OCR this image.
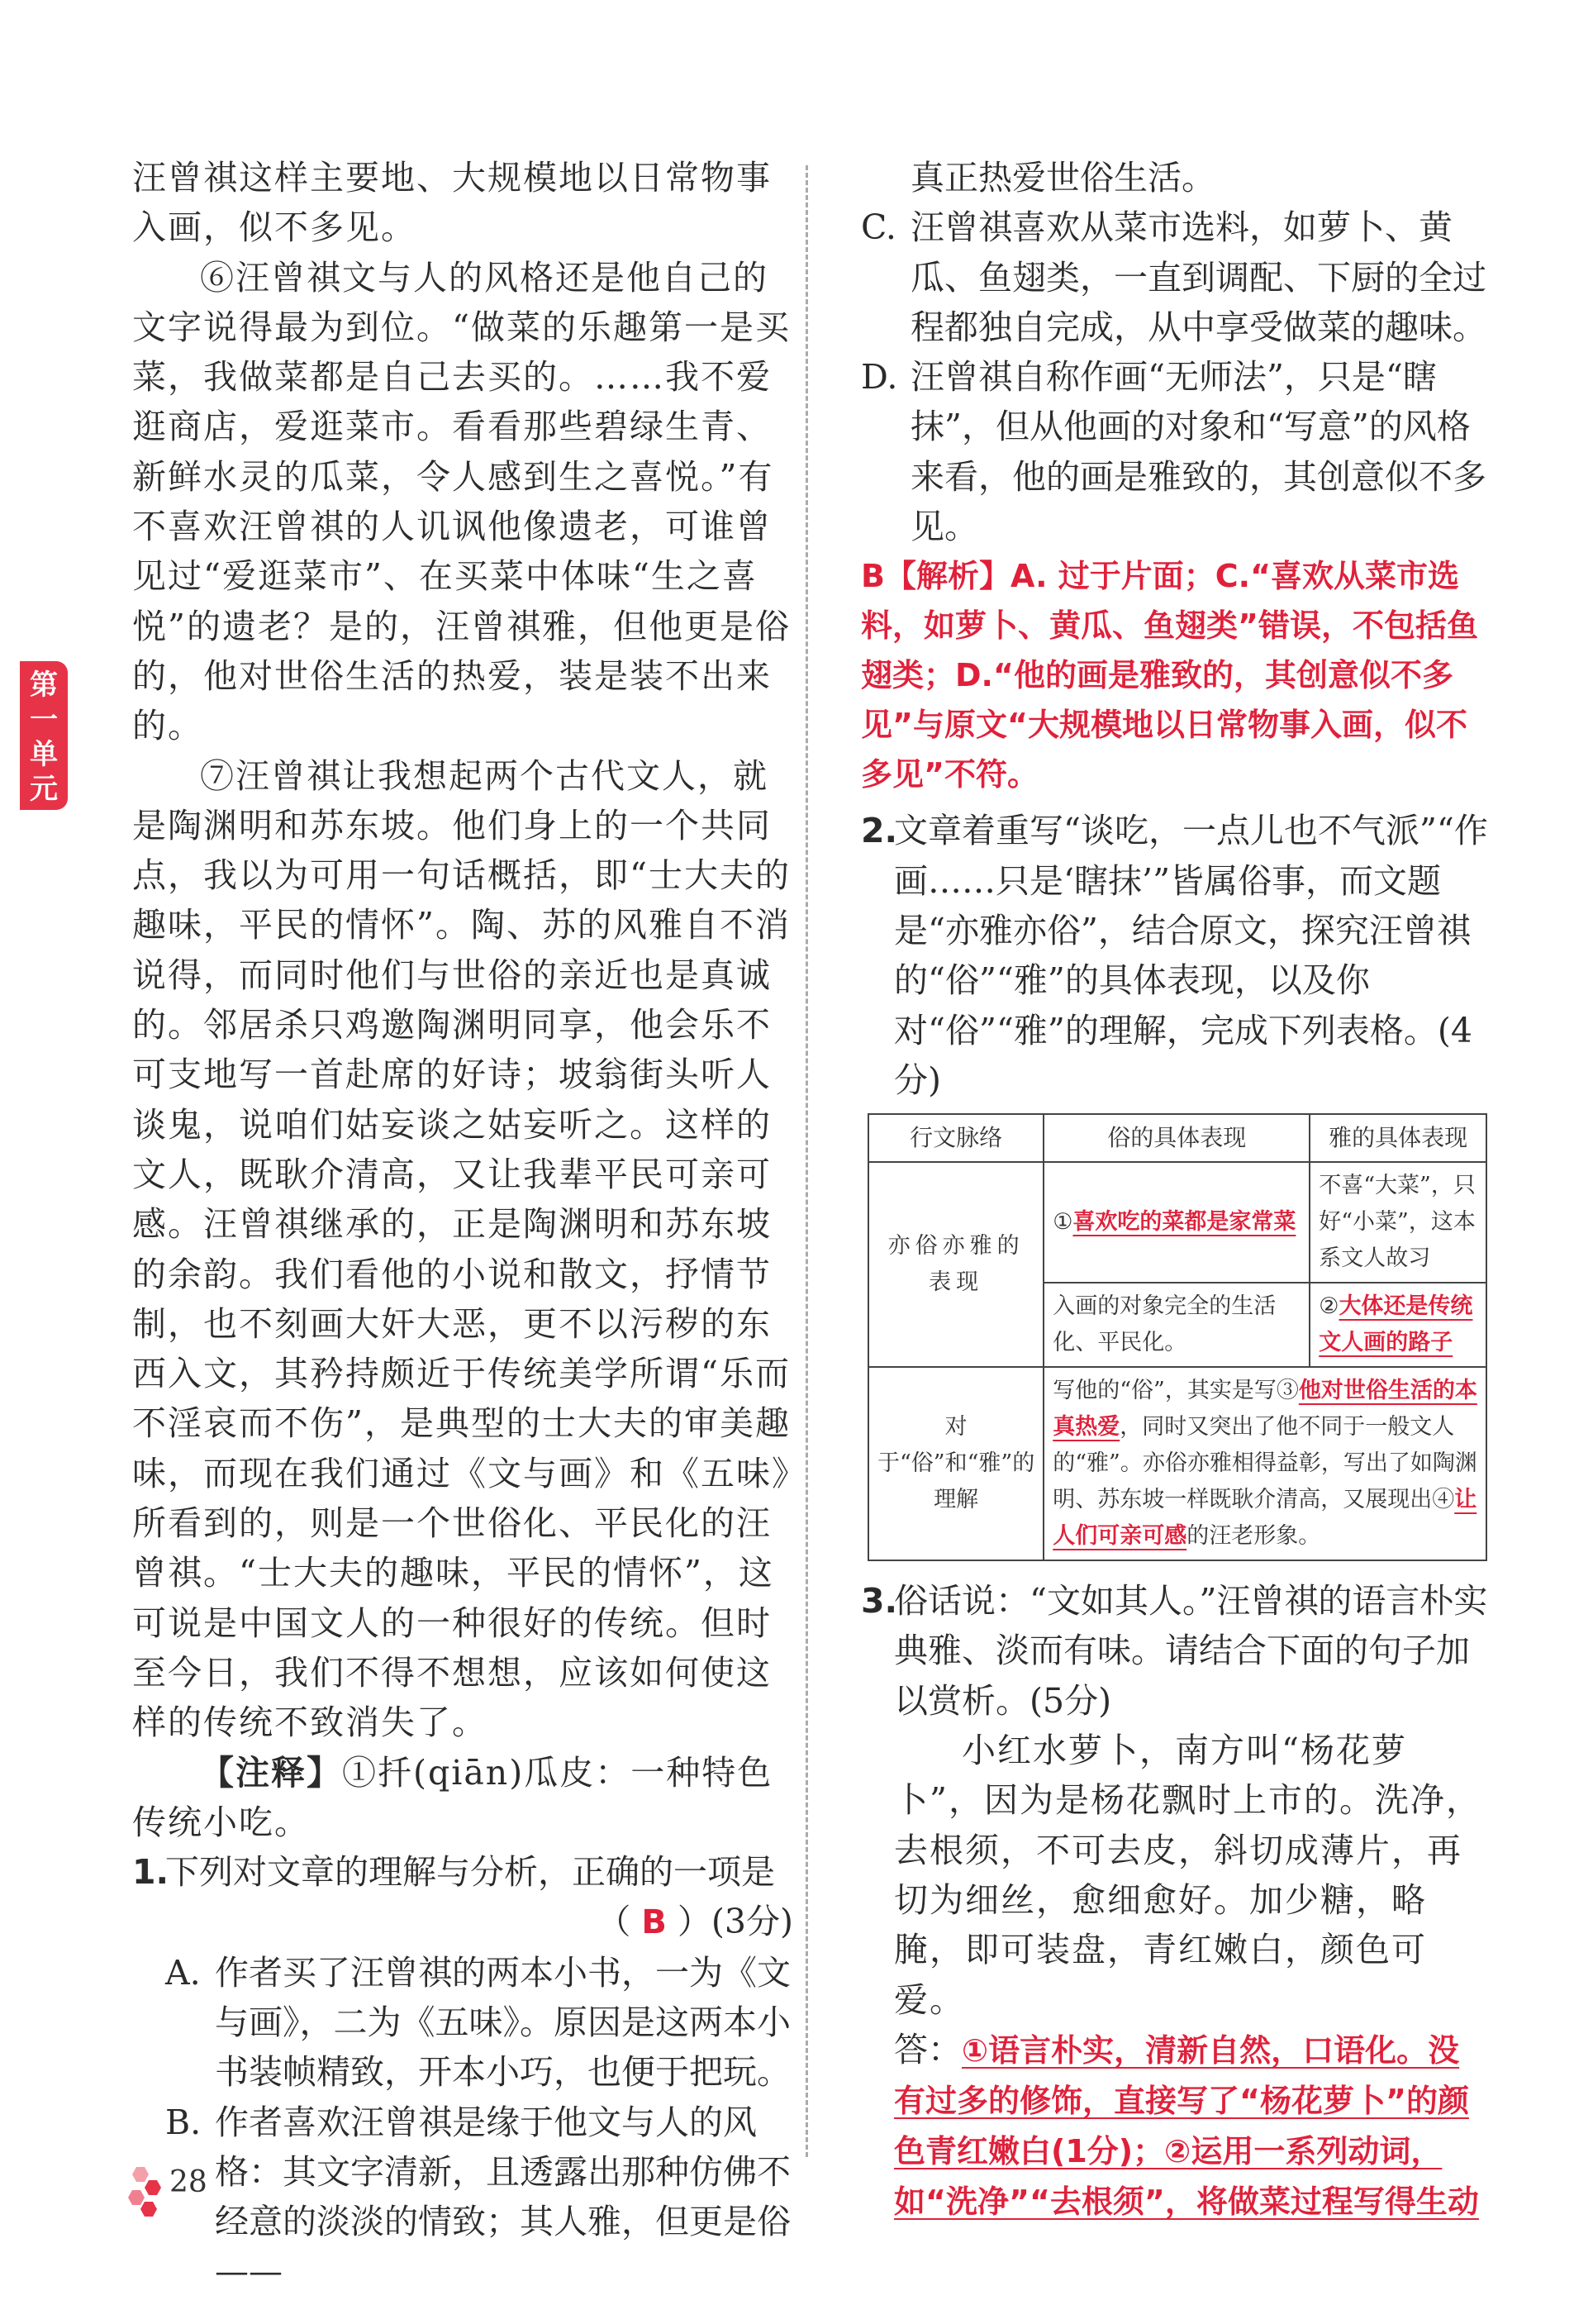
第一单元

汪曾祺这样主要地、大规模地以日常物事入画，似不多见。

⑥汪曾祺文与人的风格还是他自己的文字说得最为到位。“做菜的乐趣第一是买菜，我做菜都是自己去买的。……我不爱逛商店，爱逛菜市。看看那些碧绿生青、新鲜水灵的瓜菜，令人感到生之喜悦。”有不喜欢汪曾祺的人讥讽他像遗老，可谁曾见过“爱逛菜市”、在买菜中体味“生之喜悦”的遗老？是的，汪曾祺雅，但他更是俗的，他对世俗生活的热爱，装是装不出来的。

⑦汪曾祺让我想起两个古代文人，就是陶渊明和苏东坡。他们身上的一个共同点，我以为可用一句话概括，即“士大夫的趣味，平民的情怀”。陶、苏的风雅自不消说得，而同时他们与世俗的亲近也是真诚的。邻居杀只鸡邀陶渊明同享，他会乐不可支地写一首赴席的好诗；坡翁街头听人谈鬼，说咱们姑妄谈之姑妄听之。这样的文人，既耿介清高，又让我辈平民可亲可感。汪曾祺继承的，正是陶渊明和苏东坡的余韵。我们看他的小说和散文，抒情节制，也不刻画大奸大恶，更不以污秽的东西入文，其矜持颇近于传统美学所谓“乐而不淫哀而不伤”，是典型的士大夫的审美趣味，而现在我们通过《文与画》和《五味》所看到的，则是一个世俗化、平民化的汪曾祺。“士大夫的趣味，平民的情怀”，这可说是中国文人的一种很好的传统。但时至今日，我们不得不想想，应该如何使这样的传统不致消失了。

【注释】①扦(qiān)瓜皮：一种特色传统小吃。

1.
下列对文章的理解与分析，正确的一项是

（ B ）(3分)

A. 作者买了汪曾祺的两本小书，一为《文与画》，二为《五味》。原因是这两本小书装帧精致，开本小巧，也便于把玩。
B. 作者喜欢汪曾祺是缘于他文与人的风格：其文字清新，且透露出那种仿佛不经意的淡淡的情致；其人雅，但更是俗——

真正热爱世俗生活。

C. 汪曾祺喜欢从菜市选料，如萝卜、黄瓜、鱼翅类，一直到调配、下厨的全过程都独自完成，从中享受做菜的趣味。
D. 汪曾祺自称作画“无师法”，只是“瞎抹”，但从他画的对象和“写意”的风格来看，他的画是雅致的，其创意似不多见。

B【解析】A. 过于片面；C.“喜欢从菜市选料，如萝卜、黄瓜、鱼翅类”错误，不包括鱼翅类；D.“他的画是雅致的，其创意似不多见”与原文“大规模地以日常物事入画，似不多见”不符。

2.
文章着重写“谈吃，一点儿也不气派”“作画……只是‘瞎抹’”皆属俗事，而文题是“亦雅亦俗”，结合原文，探究汪曾祺的“俗”“雅”的具体表现，以及你对“俗”“雅”的理解，完成下列表格。(4分)
行文脉络	俗的具体表现	雅的具体表现
亦俗亦雅的表现	①喜欢吃的菜都是家常菜	不喜“大菜”，只好“小菜”，这本系文人故习
	入画的对象完全的生活化、平民化。	②大体还是传统文人画的路子
对于“俗”和“雅”的理解	写他的“俗”，其实是写③他对世俗生活的本真热爱，同时又突出了他不同于一般文人的“雅”。亦俗亦雅相得益彰，写出了如陶渊明、苏东坡一样既耿介清高，又展现出④让人们可亲可感的汪老形象。	
3.
俗话说：“文如其人。”汪曾祺的语言朴实典雅、淡而有味。请结合下面的句子加以赏析。(5分)

小红水萝卜，南方叫“杨花萝卜”，因为是杨花飘时上市的。洗净，去根须，不可去皮，斜切成薄片，再切为细丝，愈细愈好。加少糖，略腌，即可装盘，青红嫩白，颜色可爱。

答：①语言朴实，清新自然，口语化。没有过多的修饰，直接写了“杨花萝卜”的颜色青红嫩白(1分)；②运用一系列动词，如“洗净”“去根须”，将做菜过程写得生动

28
